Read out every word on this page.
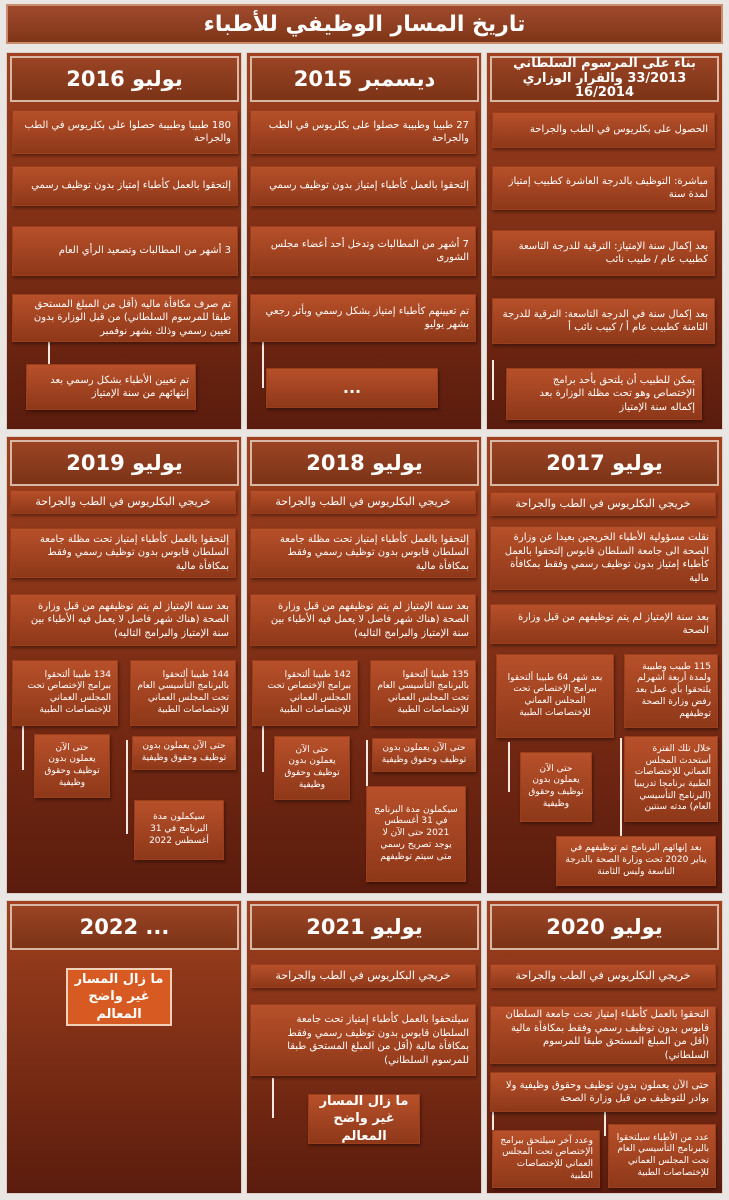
تاريخ المسار الوظيفي للأطباء
بناء على المرسوم السلطاني 33/2013 والقرار الوزاري 16/2014
الحصول على بكلريوس في الطب والجراحة
مباشرة: التوظيف بالدرجة العاشرة كطبيب إمتياز لمدة سنة
بعد إكمال سنة الإمتياز: الترقية للدرجة التاسعة كطبيب عام / طبيب نائب
بعد إكمال سنة في الدرجة التاسعة: الترقية للدرجة الثامنة كطبيب عام أ / كبيب نائب أ
يمكن للطبيب أن يلتحق بأحد برامج الإختصاص وهو تحت مظلة الوزارة بعد إكماله سنة الإمتياز
ديسمبر 2015
27 طبيبا وطبيبة حصلوا على بكلريوس في الطب والجراحة
إلتحقوا بالعمل كأطباء إمتياز بدون توظيف رسمي
7 أشهر من المطالبات وتدخل أحد أعضاء مجلس الشورى
تم تعيينهم كأطباء إمتياز بشكل رسمي وبأثر رجعي بشهر يوليو
...
يوليو 2016
180 طبيبا وطبيبة حصلوا على بكلريوس في الطب والجراحة
إلتحقوا بالعمل كأطباء إمتياز بدون توظيف رسمي
3 أشهر من المطالبات وتصعيد الرأي العام
تم صرف مكافأة ماليه (أقل من المبلغ المستحق طبقا للمرسوم السلطاني) من قبل الوزارة بدون تعيين رسمي وذلك بشهر نوفمبر
تم تعيين الأطباء بشكل رسمي بعد إنتهائهم من سنة الإمتياز
يوليو 2017
خريجي البكلريوس في الطب والجراحة
نقلت مسؤولية الأطباء الخريجين بعيدا عن وزارة الصحة الى جامعة السلطان قابوس إلتحقوا بالعمل كأطباء إمتياز بدون توظيف رسمي وفقط بمكافأة مالية
بعد سنة الإمتياز لم يتم توظيفهم من قبل وزارة الصحة
115 طبيب وطبيبة ولمدة أربعة أشهرلم يلتحقوا بأي عمل بعد رفض وزارة الصحة توظيفهم
خلال تلك الفترة أستحدث المجلس العماني للإختصاصات الطبية برنامجا تدريبيا (البرنامج التأسيسي العام) مدته سنتين
بعد شهر 64 طبيبا ألتحقوا ببرامج الإختصاص تحت المجلس العماني للإختصاصات الطبية
حتى الآن يعملون بدون توظيف وحقوق وظيفية
بعد إنهائهم البرنامج تم توظيفهم في يناير 2020 تحت وزارة الصحة بالدرجة التاسعة وليس الثامنة
يوليو 2018
خريجي البكلريوس في الطب والجراحة
إلتحقوا بالعمل كأطباء إمتياز تحت مظلة جامعة السلطان قابوس بدون توظيف رسمي وفقط بمكافأة مالية
بعد سنة الإمتياز لم يتم توظيفهم من قبل وزارة الصحة (هناك شهر فاصل لا يعمل فيه الأطباء بين سنة الإمتياز والبرامج التاليه)
135 طبيبا ألتحقوا بالبرنامج التأسيسي العام تحت المجلس العماني للإختصاصات الطبية
حتى الآن يعملون بدون توظيف وحقوق وظيفية
سيكملون مدة البرنامج في 31 أغسطس 2021 حتى الآن لا يوجد تصريح رسمي متى سيتم توظيفهم
142 طبيبا ألتحقوا ببرامج الإختصاص تحت المجلس العماني للإختصاصات الطبية
حتى الآن يعملون بدون توظيف وحقوق وظيفية
يوليو 2019
خريجي البكلريوس في الطب والجراحة
إلتحقوا بالعمل كأطباء إمتياز تحت مظلة جامعة السلطان قابوس بدون توظيف رسمي وفقط بمكافأة مالية
بعد سنة الإمتياز لم يتم توظيفهم من قبل وزارة الصحة (هناك شهر فاصل لا يعمل فيه الأطباء بين سنة الإمتياز والبرامج التاليه)
144 طبيبا ألتحقوا بالبرنامج التأسيسي العام تحت المجلس العماني للإختصاصات الطبية
حتى الآن يعملون بدون توظيف وحقوق وظيفية
سيكملون مدة البرنامج في 31 أغسطس 2022
134 طبيبا ألتحقوا ببرامج الإختصاص تحت المجلس العماني للإختصاصات الطبية
حتى الآن يعملون بدون توظيف وحقوق وظيفية
يوليو 2020
خريجي البكلريوس في الطب والجراحة
التحقوا بالعمل كأطباء إمتياز تحت جامعة السلطان قابوس بدون توظيف رسمي وفقط بمكافأة مالية (أقل من المبلغ المستحق طبقا للمرسوم السلطاني)
حتى الآن يعملون بدون توظيف وحقوق وظيفية ولا بوادر للتوظيف من قبل وزارة الصحة
عدد من الأطباء سيلتحقوا بالبرنامج التأسيسي العام تحت المجلس العماني للإختصاصات الطبية
وعدد آخر سيلتحق ببرامج الإختصاص تحت المجلس العماني للإختصاصات الطبية
يوليو 2021
خريجي البكلريوس في الطب والجراحة
سيلتحقوا بالعمل كأطباء إمتياز تحت جامعة السلطان قابوس بدون توظيف رسمي وفقط بمكافأة مالية (أقل من المبلغ المستحق طبقا للمرسوم السلطاني)
ما زال المسار غير واضح المعالم
2022 ...
ما زال المسار غير واضح المعالم
